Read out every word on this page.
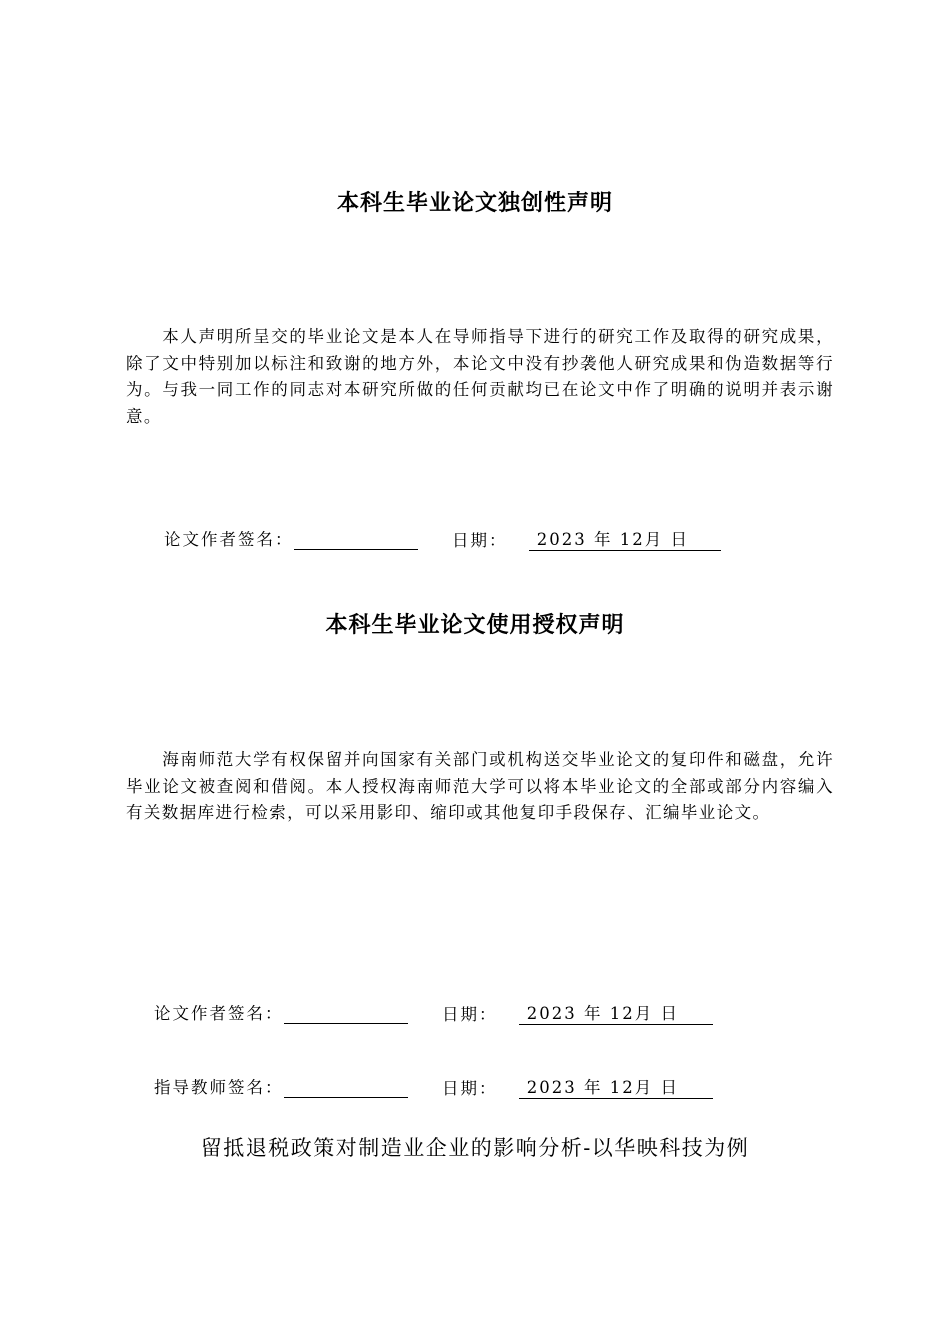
本科生毕业论文独创性声明

本人声明所呈交的毕业论文是本人在导师指导下进行的研究工作及取得的研究成果，除了文中特别加以标注和致谢的地方外，本论文中没有抄袭他人研究成果和伪造数据等行为。与我一同工作的同志对本研究所做的任何贡献均已在论文中作了明确的说明并表示谢意。

论文作者签名：	日期： 2023 年 12月 日
本科生毕业论文使用授权声明

海南师范大学有权保留并向国家有关部门或机构送交毕业论文的复印件和磁盘，允许毕业论文被查阅和借阅。本人授权海南师范大学可以将本毕业论文的全部或部分内容编入有关数据库进行检索，可以采用影印、缩印或其他复印手段保存、汇编毕业论文。

论文作者签名：	日期： 2023 年 12月 日
指导教师签名：	日期： 2023 年 12月 日
留抵退税政策对制造业企业的影响分析-以华映科技为例
